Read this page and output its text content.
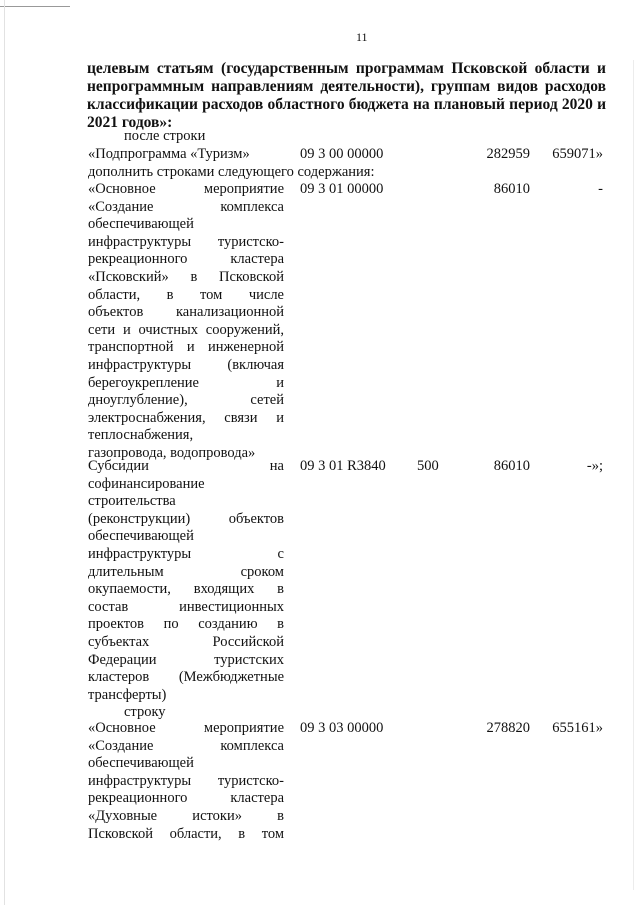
11
целевым статьям (государственным программам Псковской области и непрограммным направлениям деятельности), группам видов расходов классификации расходов областного бюджета на плановый период 2020 и 2021 годов»:
после строки
«Подпрограмма «Туризм»	09 3 00 00000	282959	659071»
дополнить строками следующего содержания:
«Основное мероприятие
«Создание комплекса
обеспечивающей
инфраструктуры туристско-
рекреационного кластера
«Псковский» в Псковской
области, в том числе
объектов канализационной
сети и очистных сооружений,
транспортной и инженерной
инфраструктуры (включая
берегоукрепление и
дноуглубление), сетей
электроснабжения, связи и
теплоснабжения,
газопровода, водопровода»
09 3 01 00000	86010	-
Субсидии на
софинансирование
строительства
(реконструкции) объектов
обеспечивающей
инфраструктуры с
длительным сроком
окупаемости, входящих в
состав инвестиционных
проектов по созданию в
субъектах Российской
Федерации туристских
кластеров (Межбюджетные
трансферты)
09 3 01 R3840 500	86010	-»;
строку
«Основное мероприятие
«Создание комплекса
обеспечивающей
инфраструктуры туристско-
рекреационного кластера
«Духовные истоки» в
Псковской области, в том
09 3 03 00000	278820	655161»
